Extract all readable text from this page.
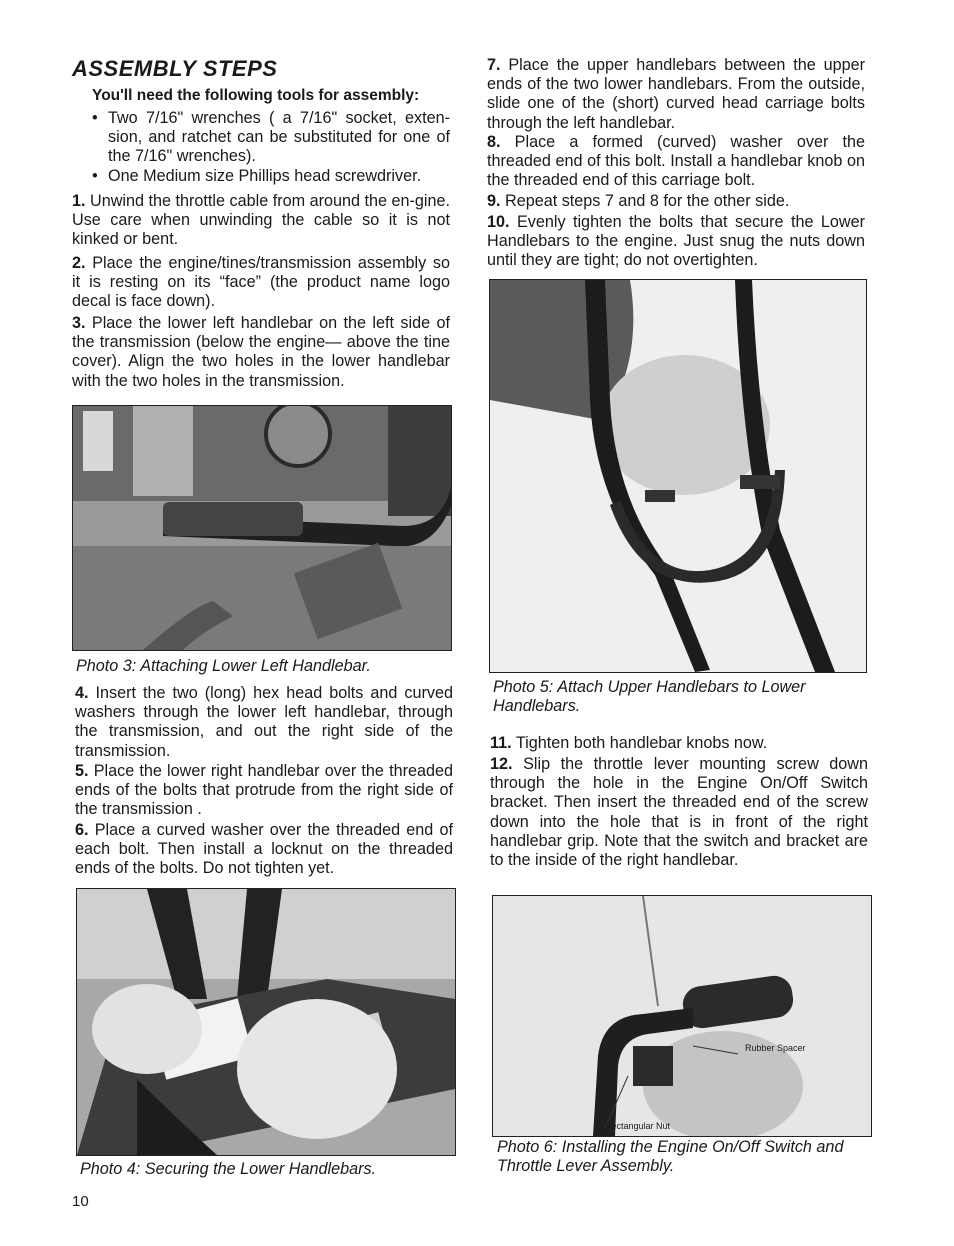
ASSEMBLY STEPS
You'll need the following tools for assembly:
• Two 7/16" wrenches ( a 7/16" socket, exten-sion, and ratchet can be substituted for one of the 7/16" wrenches).

• One Medium size Phillips head screwdriver.

1. Unwind the throttle cable from around the en-gine. Use care when unwinding the cable so it is not kinked or bent.

2. Place the engine/tines/transmission assembly so it is resting on its “face” (the product name logo decal is face down).

3. Place the lower left handlebar on the left side of the transmission (below the engine— above the tine cover). Align the two holes in the lower handlebar with the two holes in the transmission.

Photo 3: Attaching Lower Left Handlebar.

4. Insert the two (long) hex head bolts and curved washers through the lower left handlebar, through the transmission, and out the right side of the transmission.

5. Place the lower right handlebar over the threaded ends of the bolts that protrude from the right side of the transmission .

6. Place a curved washer over the threaded end of each bolt. Then install a locknut on the threaded ends of the bolts. Do not tighten yet.

Photo 4: Securing the Lower Handlebars.

7. Place the upper handlebars between the upper ends of the two lower handlebars. From the outside, slide one of the (short) curved head carriage bolts through the left handlebar.

8. Place a formed (curved) washer over the threaded end of this bolt. Install a handlebar knob on the threaded end of this carriage bolt.

9. Repeat steps 7 and 8 for the other side.

10. Evenly tighten the bolts that secure the Lower Handlebars to the engine. Just snug the nuts down until they are tight; do not overtighten.

Photo 5: Attach Upper Handlebars to Lower Handlebars.

11. Tighten both handlebar knobs now.

12. Slip the throttle lever mounting screw down through the hole in the Engine On/Off Switch bracket. Then insert the threaded end of the screw down into the hole that is in front of the right handlebar grip. Note that the switch and bracket are to the inside of the right handlebar.

Rubber Spacer
Rectangular Nut
Photo 6: Installing the Engine On/Off Switch and Throttle Lever Assembly.
10
